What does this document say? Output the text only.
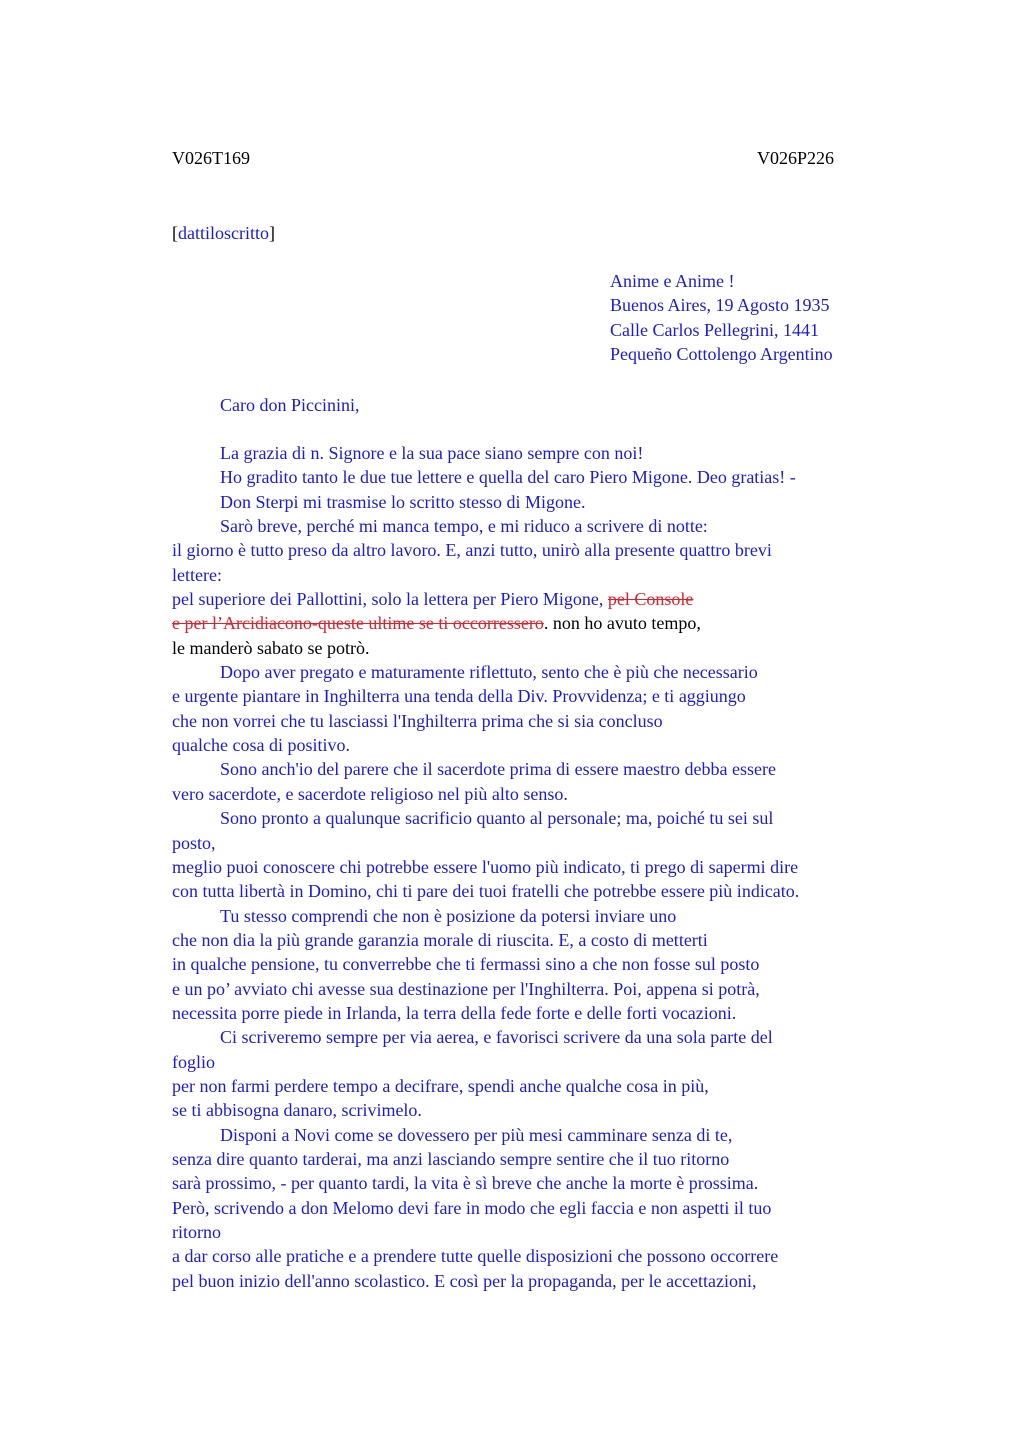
V026T169	V026P226
[dattiloscritto]
Anime e Anime !
Buenos Aires, 19 Agosto 1935
Calle Carlos Pellegrini, 1441
Pequeño Cottolengo Argentino
Caro don Piccinini,
La grazia di n. Signore e la sua pace siano sempre con noi!
Ho gradito tanto le due tue lettere e quella del caro Piero Migone. Deo gratias! -
Don Sterpi mi trasmise lo scritto stesso di Migone.
Sarò breve, perché mi manca tempo, e mi riduco a scrivere di notte:
il giorno è tutto preso da altro lavoro. E, anzi tutto, unirò alla presente quattro brevi
lettere:
pel superiore dei Pallottini, solo la lettera per Piero Migone, pel Console
e per l’Arcidiacono-queste ultime se ti occorressero. non ho avuto tempo,
le manderò sabato se potrò.
Dopo aver pregato e maturamente riflettuto, sento che è più che necessario
e urgente piantare in Inghilterra una tenda della Div. Provvidenza; e ti aggiungo
che non vorrei che tu lasciassi l'Inghilterra prima che si sia concluso
qualche cosa di positivo.
Sono anch'io del parere che il sacerdote prima di essere maestro debba essere
vero sacerdote, e sacerdote religioso nel più alto senso.
Sono pronto a qualunque sacrificio quanto al personale; ma, poiché tu sei sul
posto,
meglio puoi conoscere chi potrebbe essere l'uomo più indicato, ti prego di sapermi dire
con tutta libertà in Domino, chi ti pare dei tuoi fratelli che potrebbe essere più indicato.
Tu stesso comprendi che non è posizione da potersi inviare uno
che non dia la più grande garanzia morale di riuscita. E, a costo di metterti
in qualche pensione, tu converrebbe che ti fermassi sino a che non fosse sul posto
e un po’ avviato chi avesse sua destinazione per l'Inghilterra. Poi, appena si potrà,
necessita porre piede in Irlanda, la terra della fede forte e delle forti vocazioni.
Ci scriveremo sempre per via aerea, e favorisci scrivere da una sola parte del
foglio
per non farmi perdere tempo a decifrare, spendi anche qualche cosa in più,
se ti abbisogna danaro, scrivimelo.
Disponi a Novi come se dovessero per più mesi camminare senza di te,
senza dire quanto tarderai, ma anzi lasciando sempre sentire che il tuo ritorno
sarà prossimo, - per quanto tardi, la vita è sì breve che anche la morte è prossima.
Però, scrivendo a don Melomo devi fare in modo che egli faccia e non aspetti il tuo
ritorno
a dar corso alle pratiche e a prendere tutte quelle disposizioni che possono occorrere
pel buon inizio dell'anno scolastico. E così per la propaganda, per le accettazioni,
